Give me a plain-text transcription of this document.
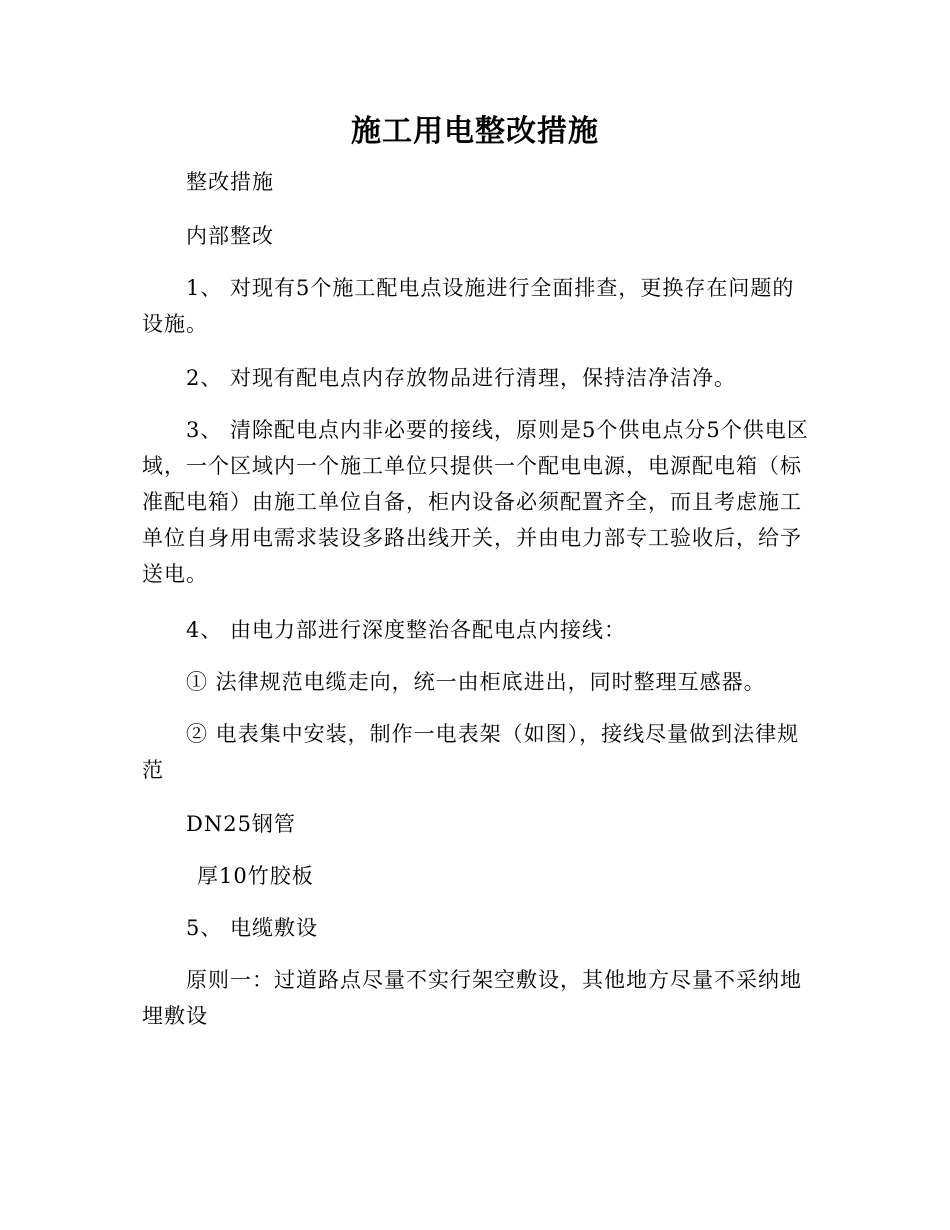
施工用电整改措施

整改措施

内部整改

1、 对现有5个施工配电点设施进行全面排查，更换存在问题的设施。

2、 对现有配电点内存放物品进行清理，保持洁净洁净。

3、 清除配电点内非必要的接线，原则是5个供电点分5个供电区域，一个区域内一个施工单位只提供一个配电电源，电源配电箱（标准配电箱）由施工单位自备，柜内设备必须配置齐全，而且考虑施工单位自身用电需求装设多路出线开关，并由电力部专工验收后，给予送电。

4、 由电力部进行深度整治各配电点内接线：

① 法律规范电缆走向，统一由柜底进出，同时整理互感器。

② 电表集中安装，制作一电表架（如图），接线尽量做到法律规范

DN25钢管

厚10竹胶板

5、 电缆敷设

原则一：过道路点尽量不实行架空敷设，其他地方尽量不采纳地埋敷设
